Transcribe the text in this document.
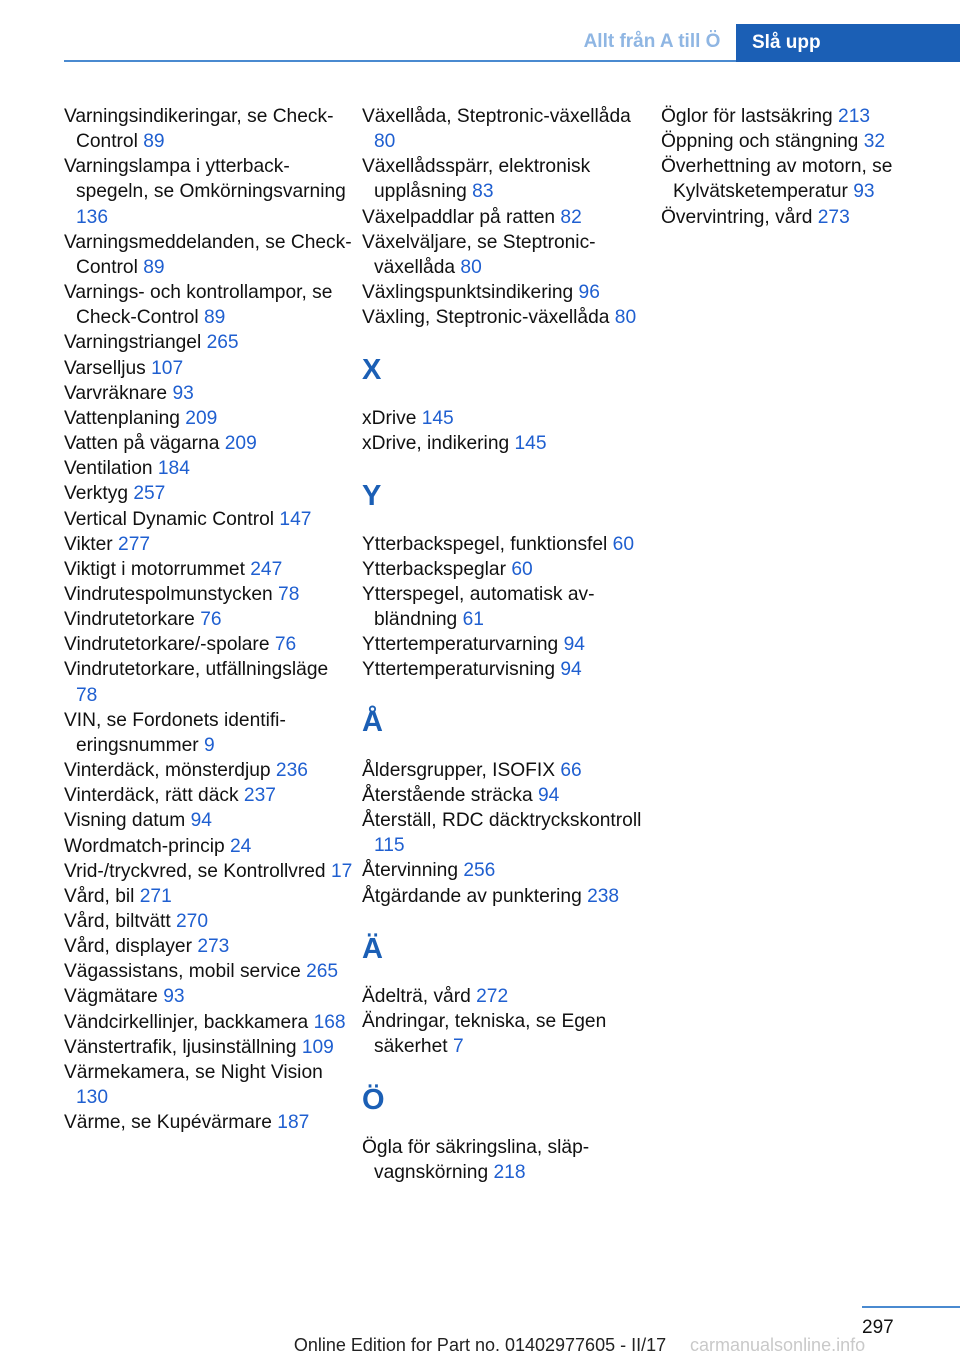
Allt från A till Ö	Slå upp
Varningsindikeringar, se Check-Control 89
Varningslampa i ytterbackspegeln, se Omkörningsvarning 136
Varningsmeddelanden, se Check-Control 89
Varnings- och kontrollampor, se Check-Control 89
Varningstriangel 265
Varselljus 107
Varvräknare 93
Vattenplaning 209
Vatten på vägarna 209
Ventilation 184
Verktyg 257
Vertical Dynamic Control 147
Vikter 277
Viktigt i motorrummet 247
Vindrutespolmunstycken 78
Vindrutetorkare 76
Vindrutetorkare/-spolare 76
Vindrutetorkare, utfällningsläge 78
VIN, se Fordonets identifieringsnummer 9
Vinterdäck, mönsterdjup 236
Vinterdäck, rätt däck 237
Visning datum 94
Wordmatch-princip 24
Vrid-/tryckvred, se Kontrollvred 17
Vård, bil 271
Vård, biltvätt 270
Vård, displayer 273
Vägassistans, mobil service 265
Vägmätare 93
Vändcirkellinjer, backkamera 168
Vänstertrafik, ljusinställning 109
Värmekamera, se Night Vision 130
Värme, se Kupévärmare 187
Växellåda, Steptronic-växellåda 80
Växellådsspärr, elektronisk upplåsning 83
Växelpaddlar på ratten 82
Växelväljare, se Steptronic-växellåda 80
Växlingspunktsindikering 96
Växling, Steptronic-växellåda 80
X
xDrive 145
xDrive, indikering 145
Y
Ytterbackspegel, funktionsfel 60
Ytterbackspeglar 60
Ytterspegel, automatisk avbländning 61
Yttertemperaturvarning 94
Yttertemperaturvisning 94
Å
Åldersgrupper, ISOFIX 66
Återstående sträcka 94
Återställ, RDC däcktryckskontroll 115
Återvinning 256
Åtgärdande av punktering 238
Ä
Ädelträ, vård 272
Ändringar, tekniska, se Egen säkerhet 7
Ö
Ögla för säkringslina, släpvagnskörning 218
Öglor för lastsäkring 213
Öppning och stängning 32
Överhettning av motorn, se Kylvätsketemperatur 93
Övervintring, vård 273
297
Online Edition for Part no. 01402977605 - II/17	carmanualsonline.info
